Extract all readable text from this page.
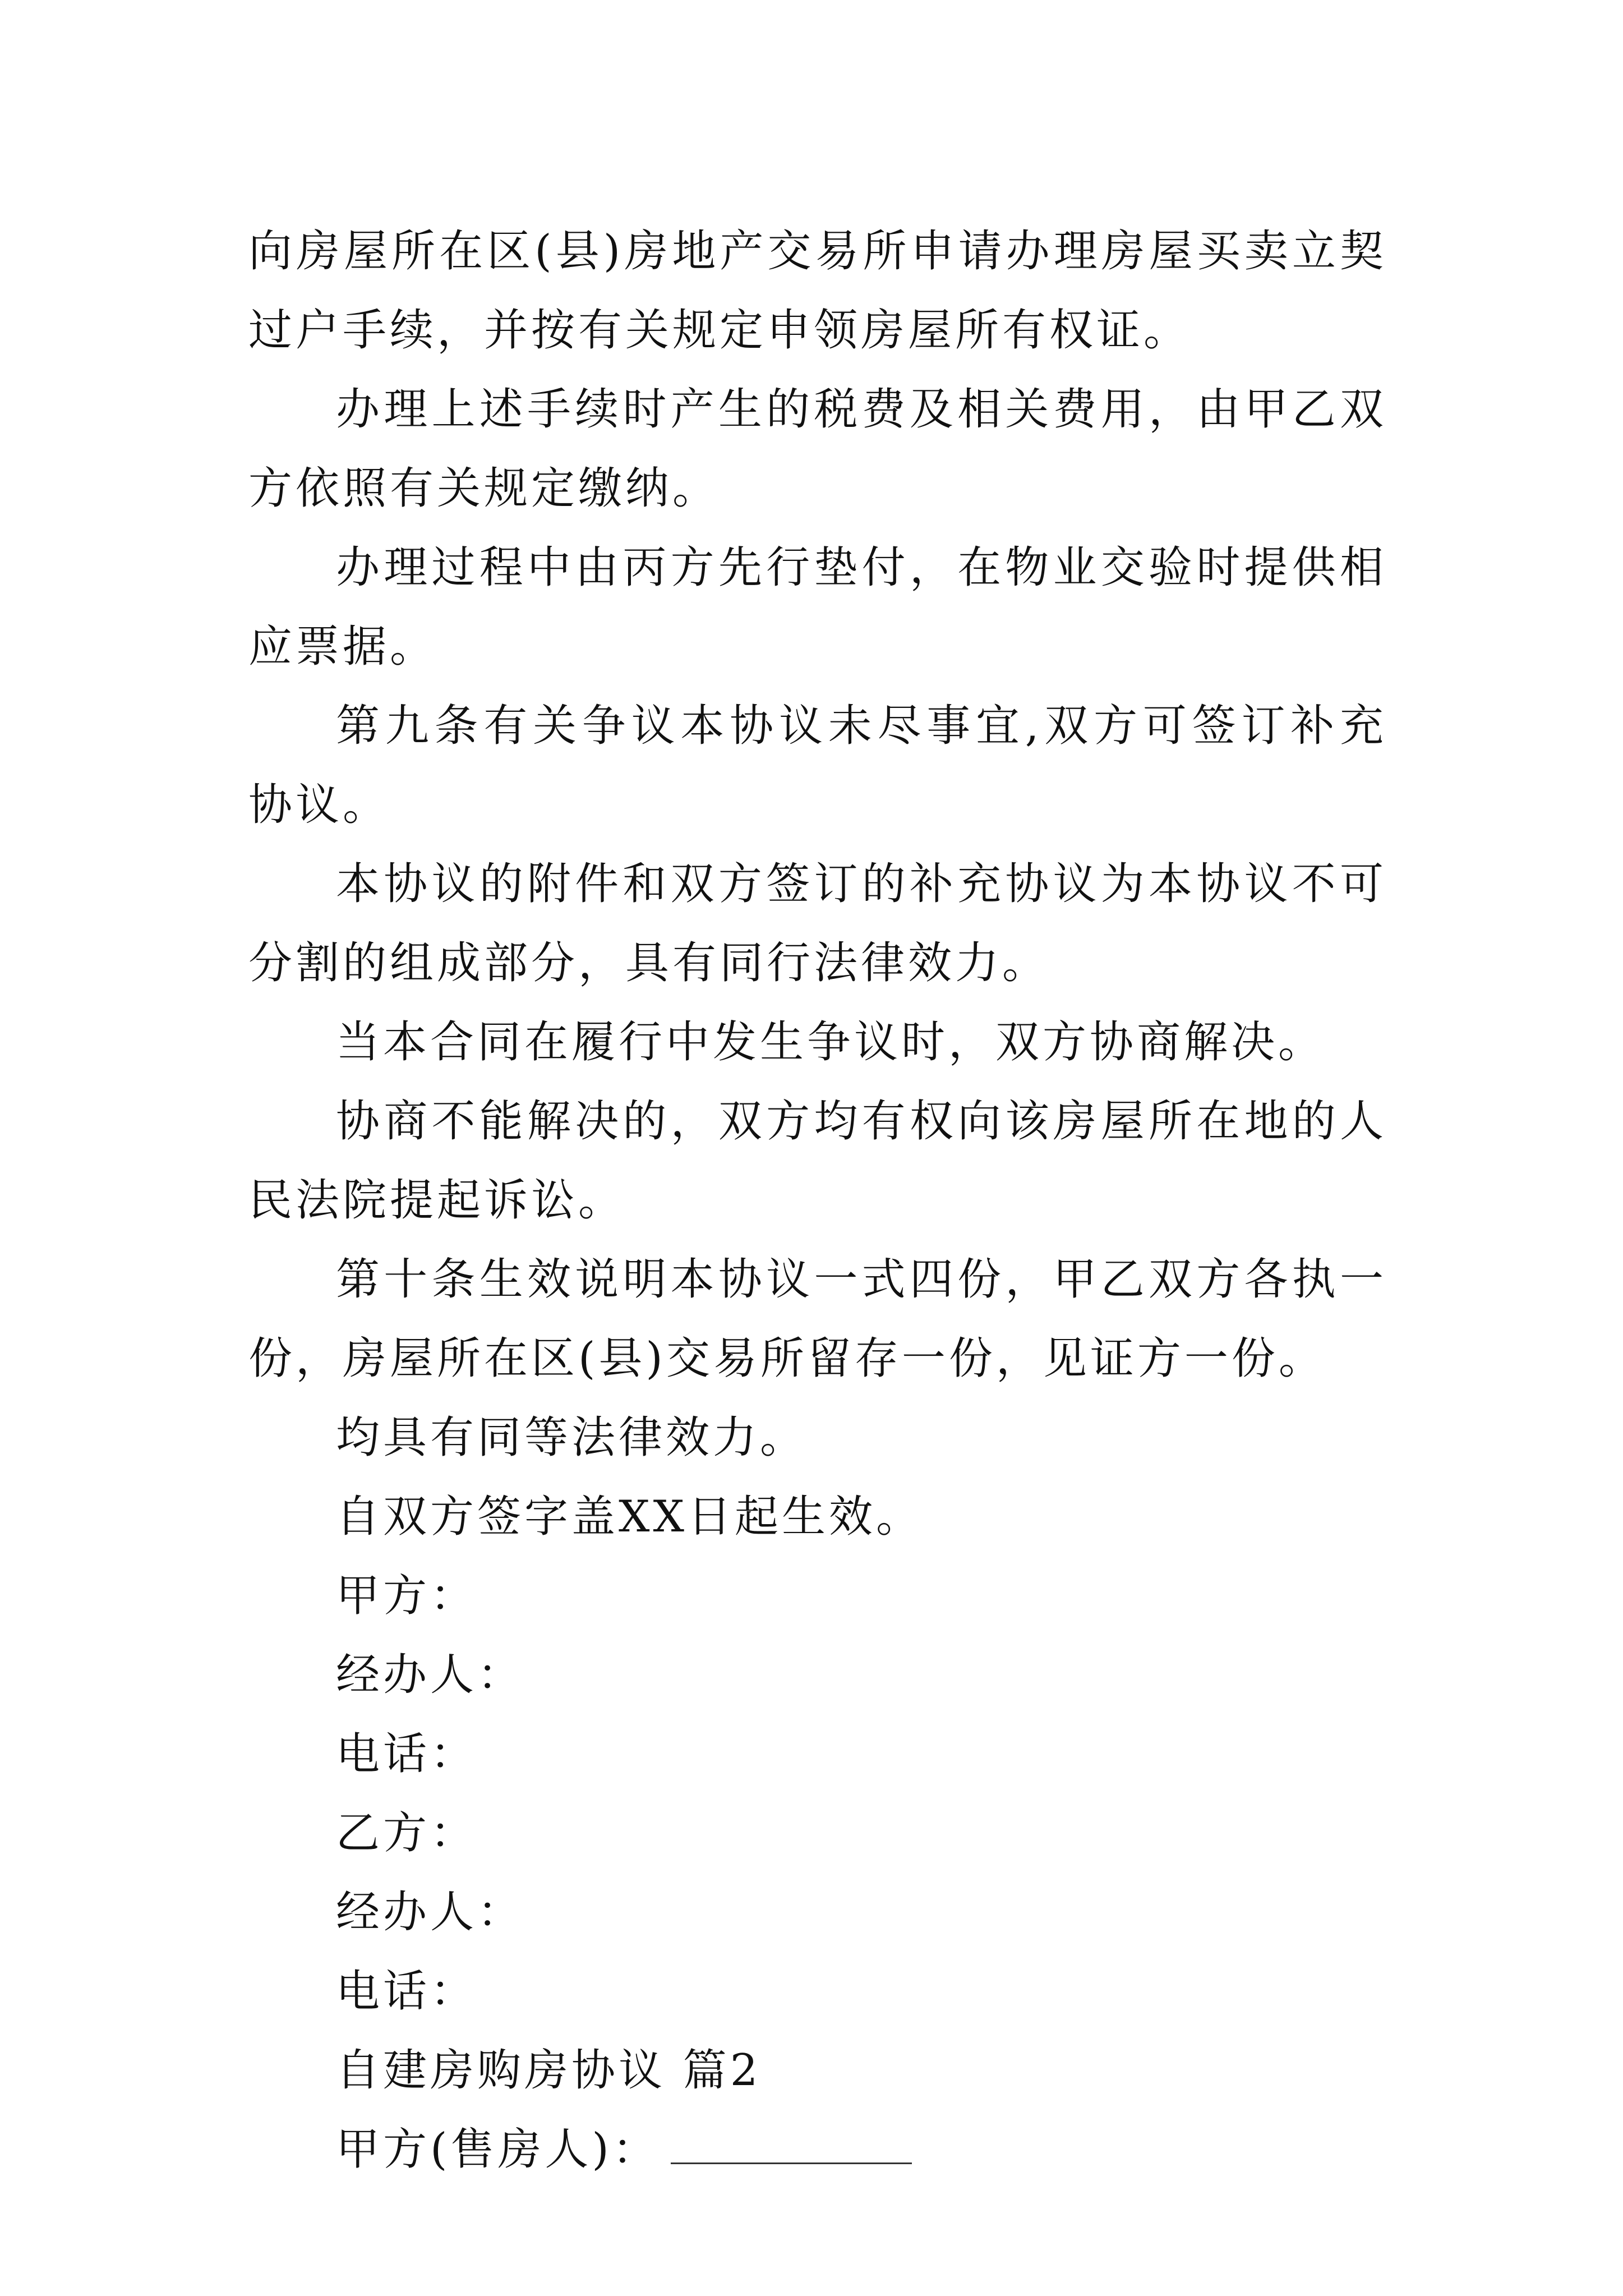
向房屋所在区(县)房地产交易所申请办理房屋买卖立契过户手续，并按有关规定申领房屋所有权证。

办理上述手续时产生的税费及相关费用，由甲乙双方依照有关规定缴纳。

办理过程中由丙方先行垫付，在物业交验时提供相应票据。

第九条有关争议本协议未尽事宜,双方可签订补充协议。

本协议的附件和双方签订的补充协议为本协议不可分割的组成部分，具有同行法律效力。

当本合同在履行中发生争议时，双方协商解决。

协商不能解决的，双方均有权向该房屋所在地的人民法院提起诉讼。

第十条生效说明本协议一式四份，甲乙双方各执一份，房屋所在区(县)交易所留存一份，见证方一份。

均具有同等法律效力。

自双方签字盖XX日起生效。

甲方：

经办人：

电话：

乙方：

经办人：

电话：

自建房购房协议 篇2

甲方(售房人)：
